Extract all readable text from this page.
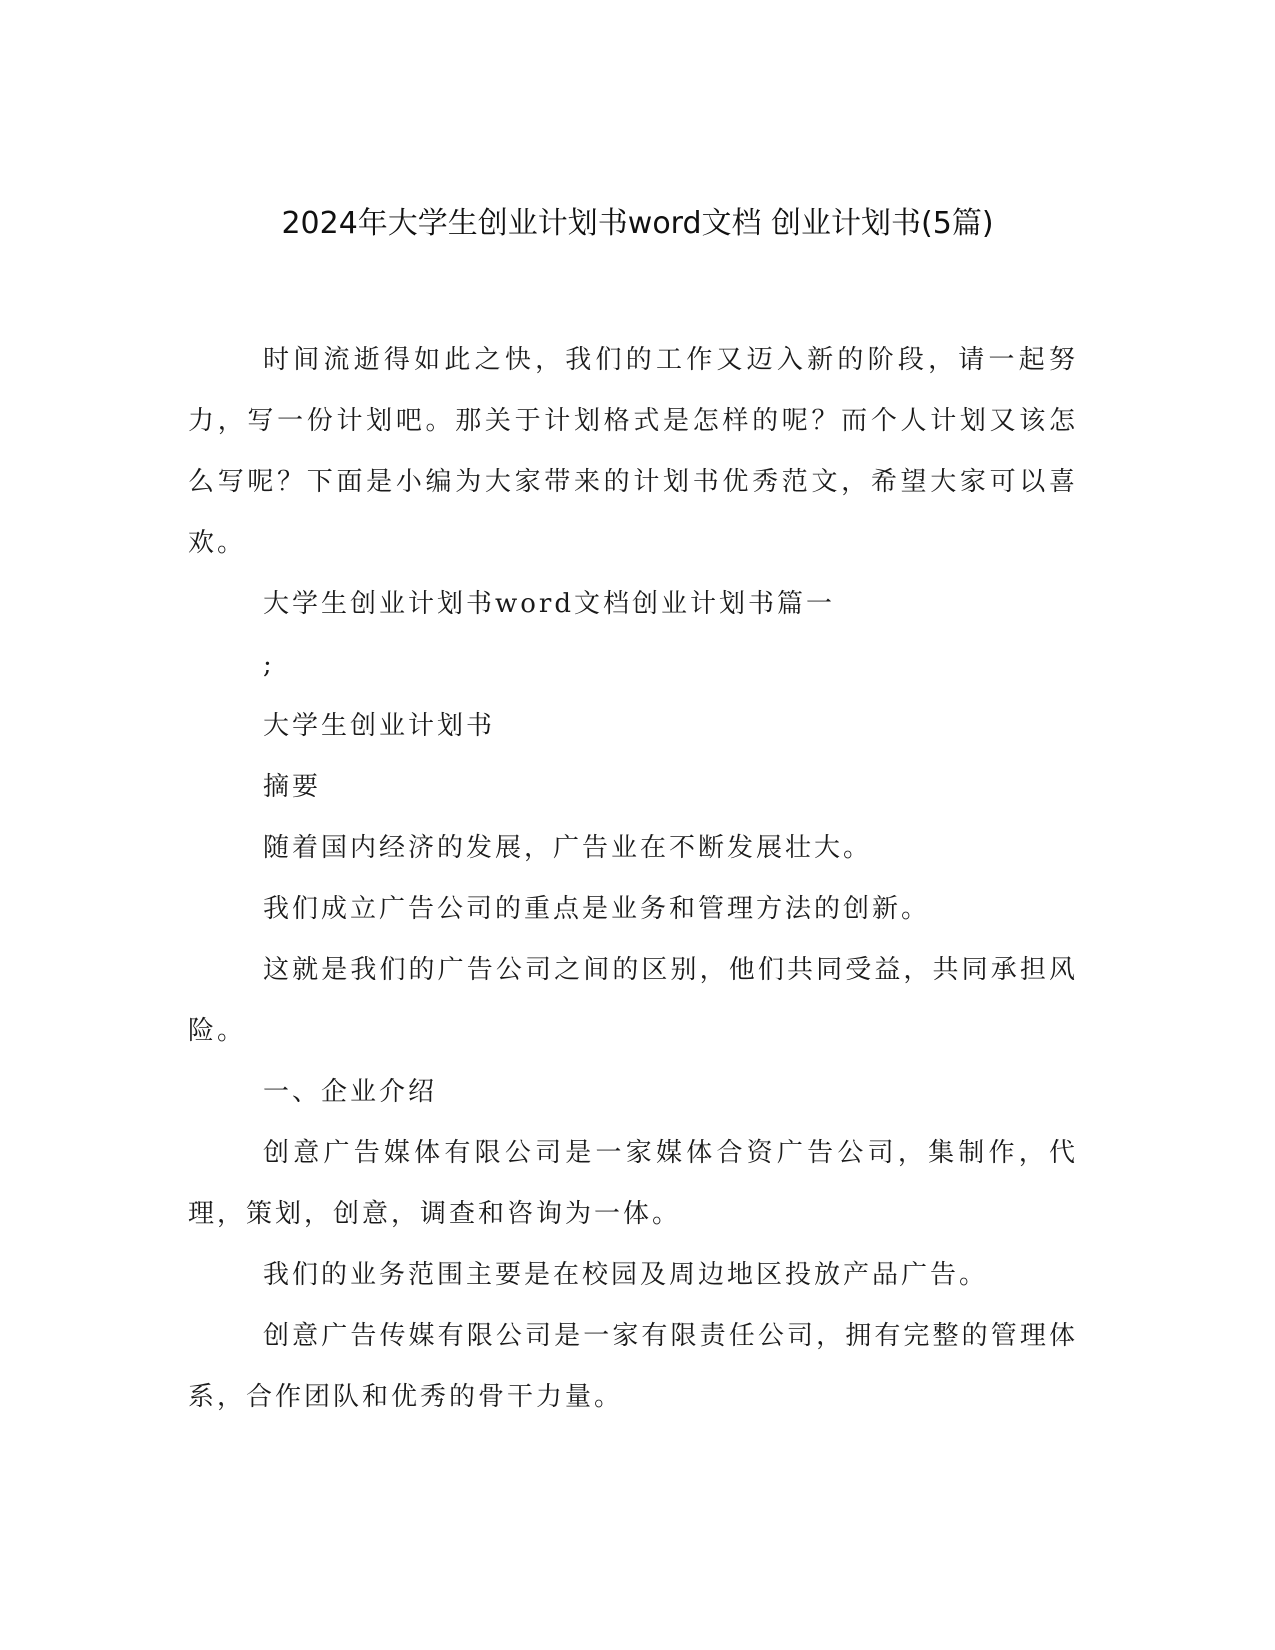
2024年大学生创业计划书word文档 创业计划书(5篇)

时间流逝得如此之快，我们的工作又迈入新的阶段，请一起努力，写一份计划吧。那关于计划格式是怎样的呢？而个人计划又该怎么写呢？下面是小编为大家带来的计划书优秀范文，希望大家可以喜欢。

大学生创业计划书word文档创业计划书篇一

;

大学生创业计划书

摘要

随着国内经济的发展，广告业在不断发展壮大。

我们成立广告公司的重点是业务和管理方法的创新。

这就是我们的广告公司之间的区别，他们共同受益，共同承担风险。

一、企业介绍

创意广告媒体有限公司是一家媒体合资广告公司，集制作，代理，策划，创意，调查和咨询为一体。

我们的业务范围主要是在校园及周边地区投放产品广告。

创意广告传媒有限公司是一家有限责任公司，拥有完整的管理体系，合作团队和优秀的骨干力量。
